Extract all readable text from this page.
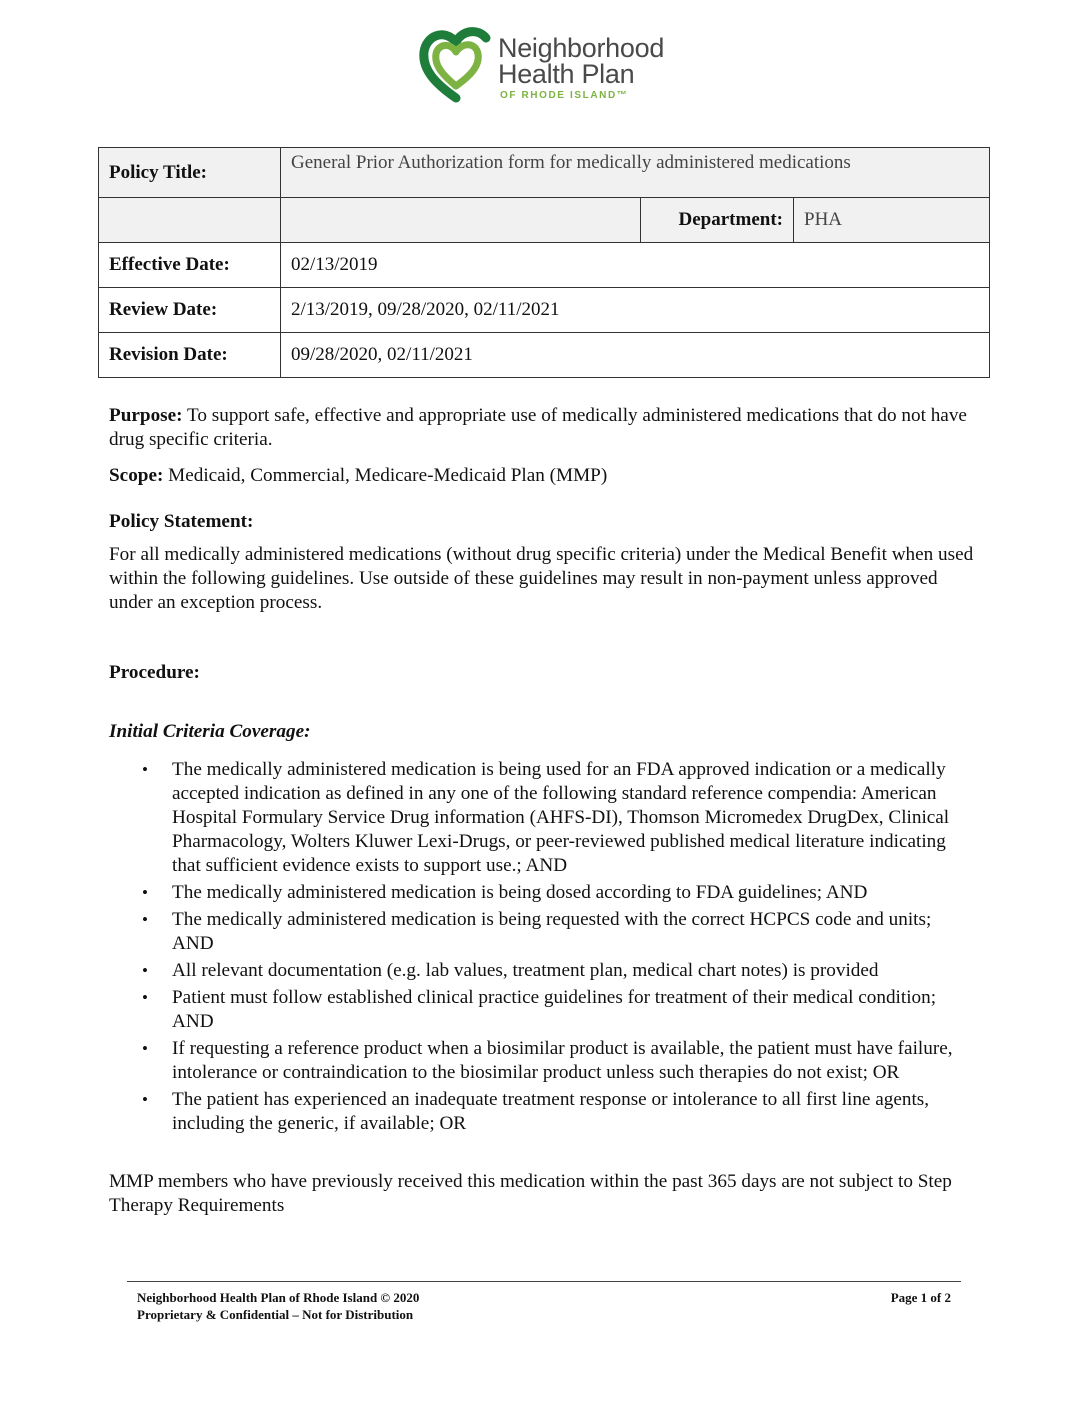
Neighborhood
Health Plan
OF RHODE ISLAND™
Policy Title:	General Prior Authorization form for medically administered medications		
		Department:	PHA
Effective Date:	02/13/2019		
Review Date:	2/13/2019, 09/28/2020, 02/11/2021		
Revision Date:	09/28/2020, 02/11/2021		
Purpose: To support safe, effective and appropriate use of medically administered medications that do not have drug specific criteria.
Scope: Medicaid, Commercial, Medicare-Medicaid Plan (MMP)
Policy Statement:
For all medically administered medications (without drug specific criteria) under the Medical Benefit when used within the following guidelines. Use outside of these guidelines may result in non-payment unless approved under an exception process.
Procedure:
Initial Criteria Coverage:
• The medically administered medication is being used for an FDA approved indication or a medically accepted indication as defined in any one of the following standard reference compendia: American Hospital Formulary Service Drug information (AHFS-DI), Thomson Micromedex DrugDex, Clinical Pharmacology, Wolters Kluwer Lexi-Drugs, or peer-reviewed published medical literature indicating that sufficient evidence exists to support use.; AND
• The medically administered medication is being dosed according to FDA guidelines; AND
• The medically administered medication is being requested with the correct HCPCS code and units; AND
• All relevant documentation (e.g. lab values, treatment plan, medical chart notes) is provided
• Patient must follow established clinical practice guidelines for treatment of their medical condition; AND
• If requesting a reference product when a biosimilar product is available, the patient must have failure, intolerance or contraindication to the biosimilar product unless such therapies do not exist; OR
• The patient has experienced an inadequate treatment response or intolerance to all first line agents, including the generic, if available; OR
MMP members who have previously received this medication within the past 365 days are not subject to Step Therapy Requirements
Neighborhood Health Plan of Rhode Island © 2020
Proprietary & Confidential – Not for Distribution
Page 1 of 2
